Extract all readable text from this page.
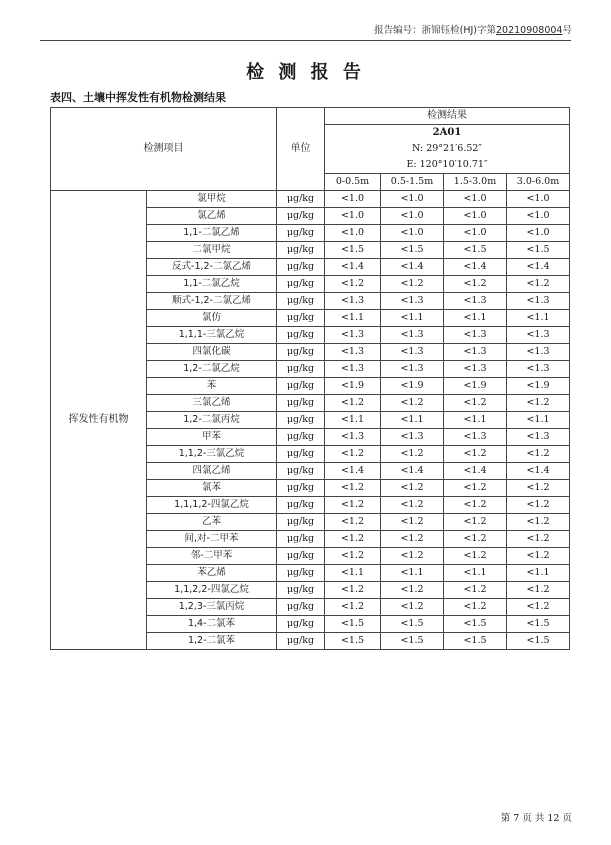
报告编号：浙锦钰检(HJ)字第20210908004号
检 测 报 告
表四、土壤中挥发性有机物检测结果
检测项目		单位	检测结果			

			2A01
N: 29°21′6.52″
E: 120°10′10.71″			

			0-0.5m	0.5-1.5m	1.5-3.0m	3.0-6.0m
挥发性有机物	氯甲烷	μg/kg	<1.0	<1.0	<1.0	<1.0
	氯乙烯	μg/kg	<1.0	<1.0	<1.0	<1.0
	1,1-二氯乙烯	μg/kg	<1.0	<1.0	<1.0	<1.0
	二氯甲烷	μg/kg	<1.5	<1.5	<1.5	<1.5
	反式-1,2-二氯乙烯	μg/kg	<1.4	<1.4	<1.4	<1.4
	1,1-二氯乙烷	μg/kg	<1.2	<1.2	<1.2	<1.2
	顺式-1,2-二氯乙烯	μg/kg	<1.3	<1.3	<1.3	<1.3
	氯仿	μg/kg	<1.1	<1.1	<1.1	<1.1
	1,1,1-三氯乙烷	μg/kg	<1.3	<1.3	<1.3	<1.3
	四氯化碳	μg/kg	<1.3	<1.3	<1.3	<1.3
	1,2-二氯乙烷	μg/kg	<1.3	<1.3	<1.3	<1.3
	苯	μg/kg	<1.9	<1.9	<1.9	<1.9
	三氯乙烯	μg/kg	<1.2	<1.2	<1.2	<1.2
	1,2-二氯丙烷	μg/kg	<1.1	<1.1	<1.1	<1.1
	甲苯	μg/kg	<1.3	<1.3	<1.3	<1.3
	1,1,2-三氯乙烷	μg/kg	<1.2	<1.2	<1.2	<1.2
	四氯乙烯	μg/kg	<1.4	<1.4	<1.4	<1.4
	氯苯	μg/kg	<1.2	<1.2	<1.2	<1.2
	1,1,1,2-四氯乙烷	μg/kg	<1.2	<1.2	<1.2	<1.2
	乙苯	μg/kg	<1.2	<1.2	<1.2	<1.2
	间,对-二甲苯	μg/kg	<1.2	<1.2	<1.2	<1.2
	邻-二甲苯	μg/kg	<1.2	<1.2	<1.2	<1.2
	苯乙烯	μg/kg	<1.1	<1.1	<1.1	<1.1
	1,1,2,2-四氯乙烷	μg/kg	<1.2	<1.2	<1.2	<1.2
	1,2,3-三氯丙烷	μg/kg	<1.2	<1.2	<1.2	<1.2
	1,4-二氯苯	μg/kg	<1.5	<1.5	<1.5	<1.5
	1,2-二氯苯	μg/kg	<1.5	<1.5	<1.5	<1.5
第 7 页 共 12 页
